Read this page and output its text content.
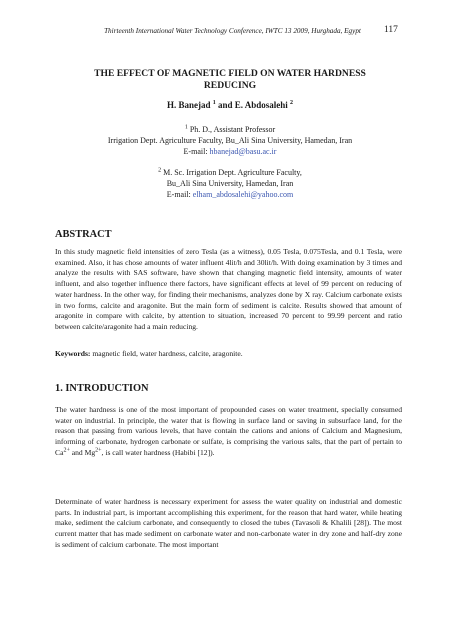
Thirteenth International Water Technology Conference, IWTC 13 2009, Hurghada, Egypt	117
THE EFFECT OF MAGNETIC FIELD ON WATER HARDNESS
REDUCING
H. Banejad $^1$ and E. Abdosalehi $^2$
$^1$ Ph. D., Assistant Professor
Irrigation Dept. Agriculture Faculty, Bu_Ali Sina University, Hamedan, Iran
E-mail: hbanejad@basu.ac.ir
$^2$ M. Sc. Irrigation Dept. Agriculture Faculty,
Bu_Ali Sina University, Hamedan, Iran
E-mail: elham_abdosalehi@yahoo.com
ABSTRACT

In this study magnetic field intensities of zero Tesla (as a witness), 0.05 Tesla, 0.075Tesla, and 0.1 Tesla, were examined. Also, it has chose amounts of water influent 4lit/h and 30lit/h. With doing examination by 3 times and analyze the results with SAS software, have shown that changing magnetic field intensity, amounts of water influent, and also together influence there factors, have significant effects at level of 99 percent on reducing of water hardness. In the other way, for finding their mechanisms, analyzes done by X ray. Calcium carbonate exists in two forms, calcite and aragonite. But the main form of sediment is calcite. Results showed that amount of aragonite in compare with calcite, by attention to situation, increased 70 percent to 99.99 percent and ratio between calcite/aragonite had a main reducing.

Keywords: magnetic field, water hardness, calcite, aragonite.

1. INTRODUCTION

The water hardness is one of the most important of propounded cases on water treatment, specially consumed water on industrial. In principle, the water that is flowing in surface land or saving in subsurface land, for the reason that passing from various levels, that have contain the cations and anions of Calcium and Magnesium, informing of carbonate, hydrogen carbonate or sulfate, is comprising the various salts, that the part of pertain to $Ca^{2+}$ and $Mg^{2+}$, is call water hardness (Habibi [12]).

Determinate of water hardness is necessary experiment for assess the water quality on industrial and domestic parts. In industrial part, is important accomplishing this experiment, for the reason that hard water, while heating make, sediment the calcium carbonate, and consequently to closed the tubes (Tavasoli & Khalili [28]). The most current matter that has made sediment on carbonate water and non-carbonate water in dry zone and half-dry zone is sediment of calcium carbonate. The most important
